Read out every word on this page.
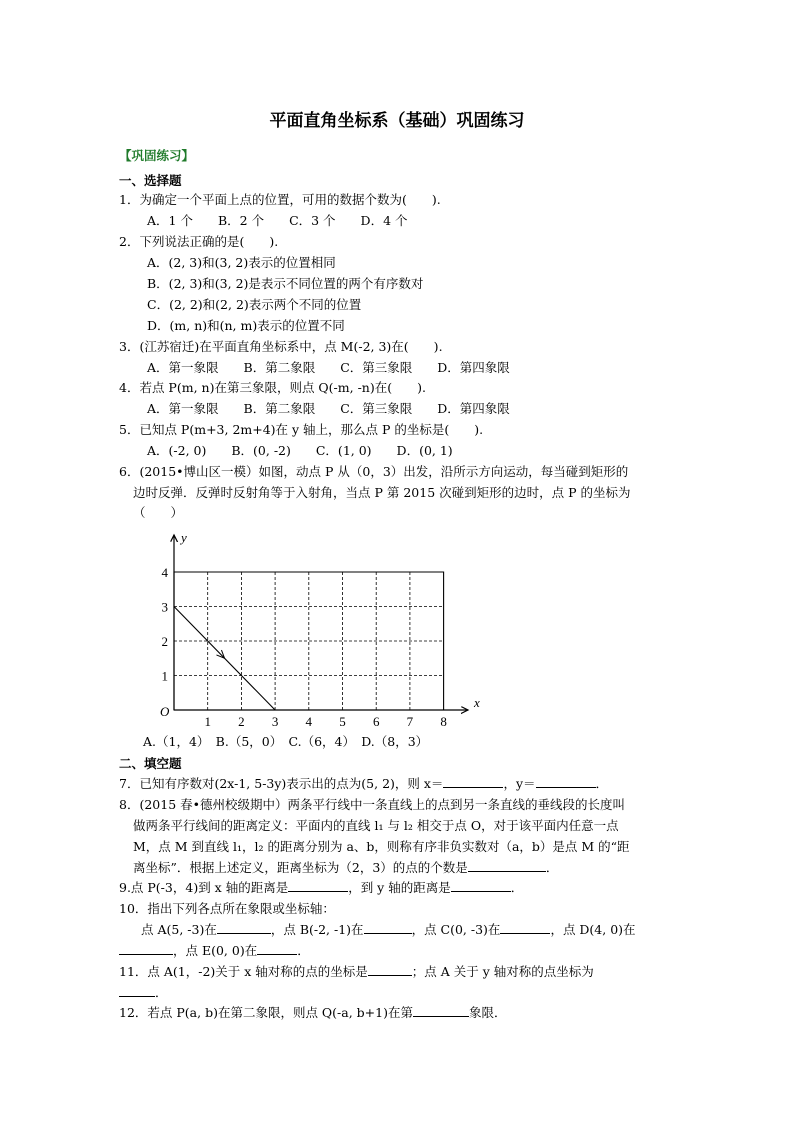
平面直角坐标系（基础）巩固练习
【巩固练习】
一、选择题
1．为确定一个平面上点的位置，可用的数据个数为(　　).
A．1 个　　B．2 个　　C．3 个　　D．4 个
2．下列说法正确的是(　　).
A．(2, 3)和(3, 2)表示的位置相同
B．(2, 3)和(3, 2)是表示不同位置的两个有序数对
C．(2, 2)和(2, 2)表示两个不同的位置
D．(m, n)和(n, m)表示的位置不同
3．(江苏宿迁)在平面直角坐标系中，点 M(-2, 3)在(　　).
A．第一象限　　B．第二象限　　C．第三象限　　D．第四象限
4．若点 P(m, n)在第三象限，则点 Q(-m, -n)在(　　).
A．第一象限　　B．第二象限　　C．第三象限　　D．第四象限
5．已知点 P(m+3, 2m+4)在 y 轴上，那么点 P 的坐标是(　　).
A．(-2, 0)　　B．(0, -2)　　C．(1, 0)　　D．(0, 1)
6．(2015•博山区一模）如图，动点 P 从（0，3）出发，沿所示方向运动，每当碰到矩形的
边时反弹．反弹时反射角等于入射角，当点 P 第 2015 次碰到矩形的边时，点 P 的坐标为
（　　）
x
y
O
1 2 3 4 5 6 7 8
1
2
3
4
A.（1，4）　B.（5，0）　C.（6，4）　D.（8，3）
二、填空题
7．已知有序数对(2x-1, 5-3y)表示出的点为(5, 2)，则 x＝	，y＝	．
8．(2015 春•德州校级期中）两条平行线中一条直线上的点到另一条直线的垂线段的长度叫
做两条平行线间的距离定义：平面内的直线 l₁ 与 l₂ 相交于点 O，对于该平面内任意一点
M，点 M 到直线 l₁，l₂ 的距离分别为 a、b，则称有序非负实数对（a，b）是点 M 的“距
离坐标”．根据上述定义，距离坐标为（2，3）的点的个数是	．
9.点 P(-3，4)到 x 轴的距离是	，到 y 轴的距离是	．
10．指出下列各点所在象限或坐标轴：
点 A(5, -3)在	，点 B(-2, -1)在	，点 C(0, -3)在	，点 D(4, 0)在
，点 E(0, 0)在	．
11．点 A(1，-2)关于 x 轴对称的点的坐标是	；点 A 关于 y 轴对称的点坐标为
．
12．若点 P(a, b)在第二象限，则点 Q(-a, b+1)在第	象限．
